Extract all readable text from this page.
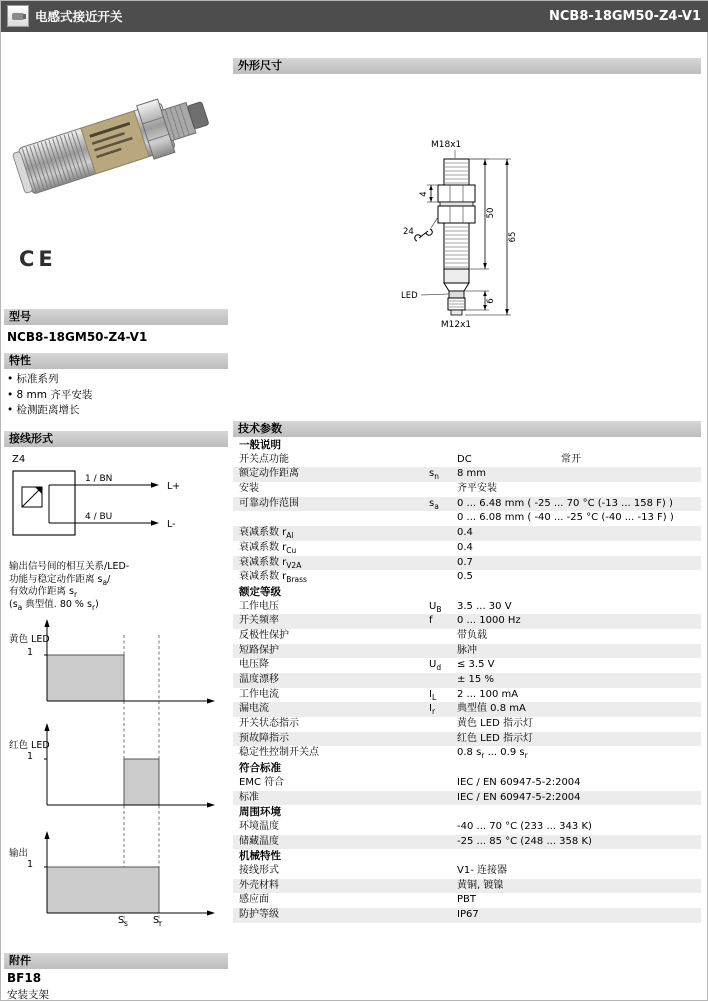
电感式接近开关	NCB8-18GM50-Z4-V1
CE
型号
NCB8-18GM50-Z4-V1
特性
• 标准系列
• 8 mm 齐平安装
• 检测距离增长
接线形式
Z4
1 / BN
L+
4 / BU
L-
输出信号间的相互关系/LED-
功能与稳定动作距离 $s_a/$
有效动作距离 $s_r$
($s_a$ 典型值. 80 % $s_r$)
黄色 LED
1
红色 LED
1
输出
1
$S_s$	$S_r$
附件
BF18
安装支架
外形尺寸
M18x1
M12x1
LED
4
24
50
6
65
技术参数
一般说明
开关点功能	DC	常开
额定动作距离	$s_n$ 8 mm
安装	齐平安装
可靠动作范围	$s_a$ 0 ... 6.48 mm ( -25 ... 70 °C (-13 ... 158 F) )
0 ... 6.08 mm ( -40 ... -25 °C (-40 ... -13 F) )
衰减系数 $r_{Al}$	0.4
衰减系数 $r_{Cu}$	0.4
衰减系数 $r_{V2A}$	0.7
衰减系数 $r_{Brass}$	0.5
额定等级
工作电压	$U_B$ 3.5 ... 30 V
开关频率	f 0 ... 1000 Hz
反极性保护	带负载
短路保护	脉冲
电压降	$U_d \le 3.5$ V
温度漂移	± 15 %
工作电流	$I_L$ 2 ... 100 mA
漏电流	$I_r$ 典型值 0.8 mA
开关状态指示	黄色 LED 指示灯
预故障指示	红色 LED 指示灯
稳定性控制开关点	0.8 $s_r$ ... 0.9 $s_r$
符合标准
EMC 符合	IEC / EN 60947-5-2:2004
标准	IEC / EN 60947-5-2:2004
周围环境
环境温度	-40 ... 70 °C (233 ... 343 K)
储藏温度	-25 ... 85 °C (248 ... 358 K)
机械特性
接线形式	V1- 连接器
外壳材料	黄铜, 镀镍
感应面	PBT
防护等级	IP67
